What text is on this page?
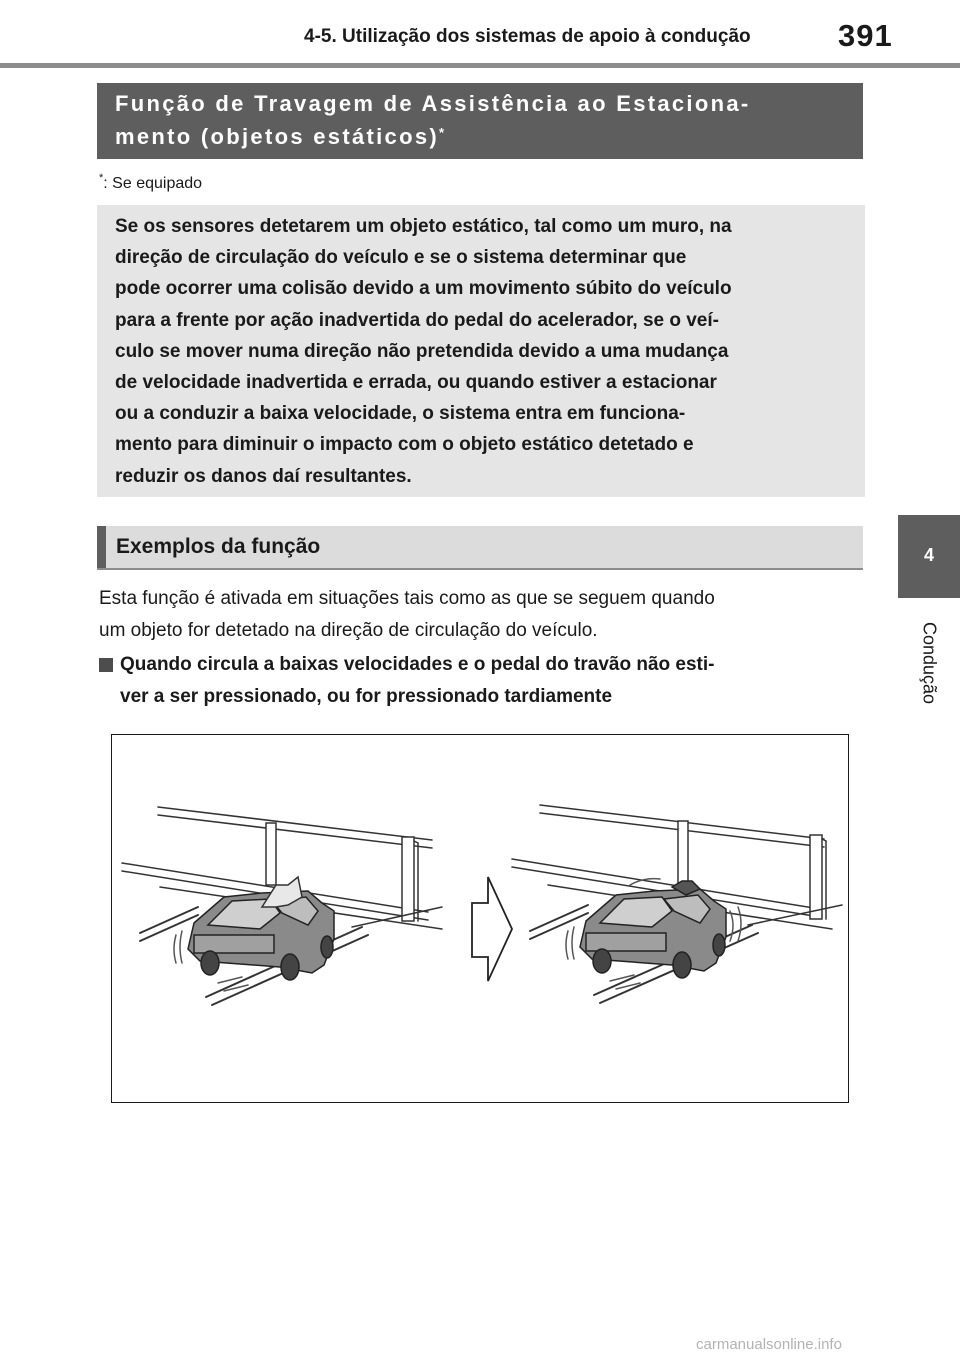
4-5. Utilização dos sistemas de apoio à condução	391
4
Condução
Função de Travagem de Assistência ao Estaciona-
mento (objetos estáticos)*
*: Se equipado
Se os sensores detetarem um objeto estático, tal como um muro, na
direção de circulação do veículo e se o sistema determinar que
pode ocorrer uma colisão devido a um movimento súbito do veículo
para a frente por ação inadvertida do pedal do acelerador, se o veí-
culo se mover numa direção não pretendida devido a uma mudança
de velocidade inadvertida e errada, ou quando estiver a estacionar
ou a conduzir a baixa velocidade, o sistema entra em funciona-
mento para diminuir o impacto com o objeto estático detetado e
reduzir os danos daí resultantes.
Exemplos da função
Esta função é ativada em situações tais como as que se seguem quando
um objeto for detetado na direção de circulação do veículo.
Quando circula a baixas velocidades e o pedal do travão não esti-
ver a ser pressionado, ou for pressionado tardiamente
carmanualsonline.info
